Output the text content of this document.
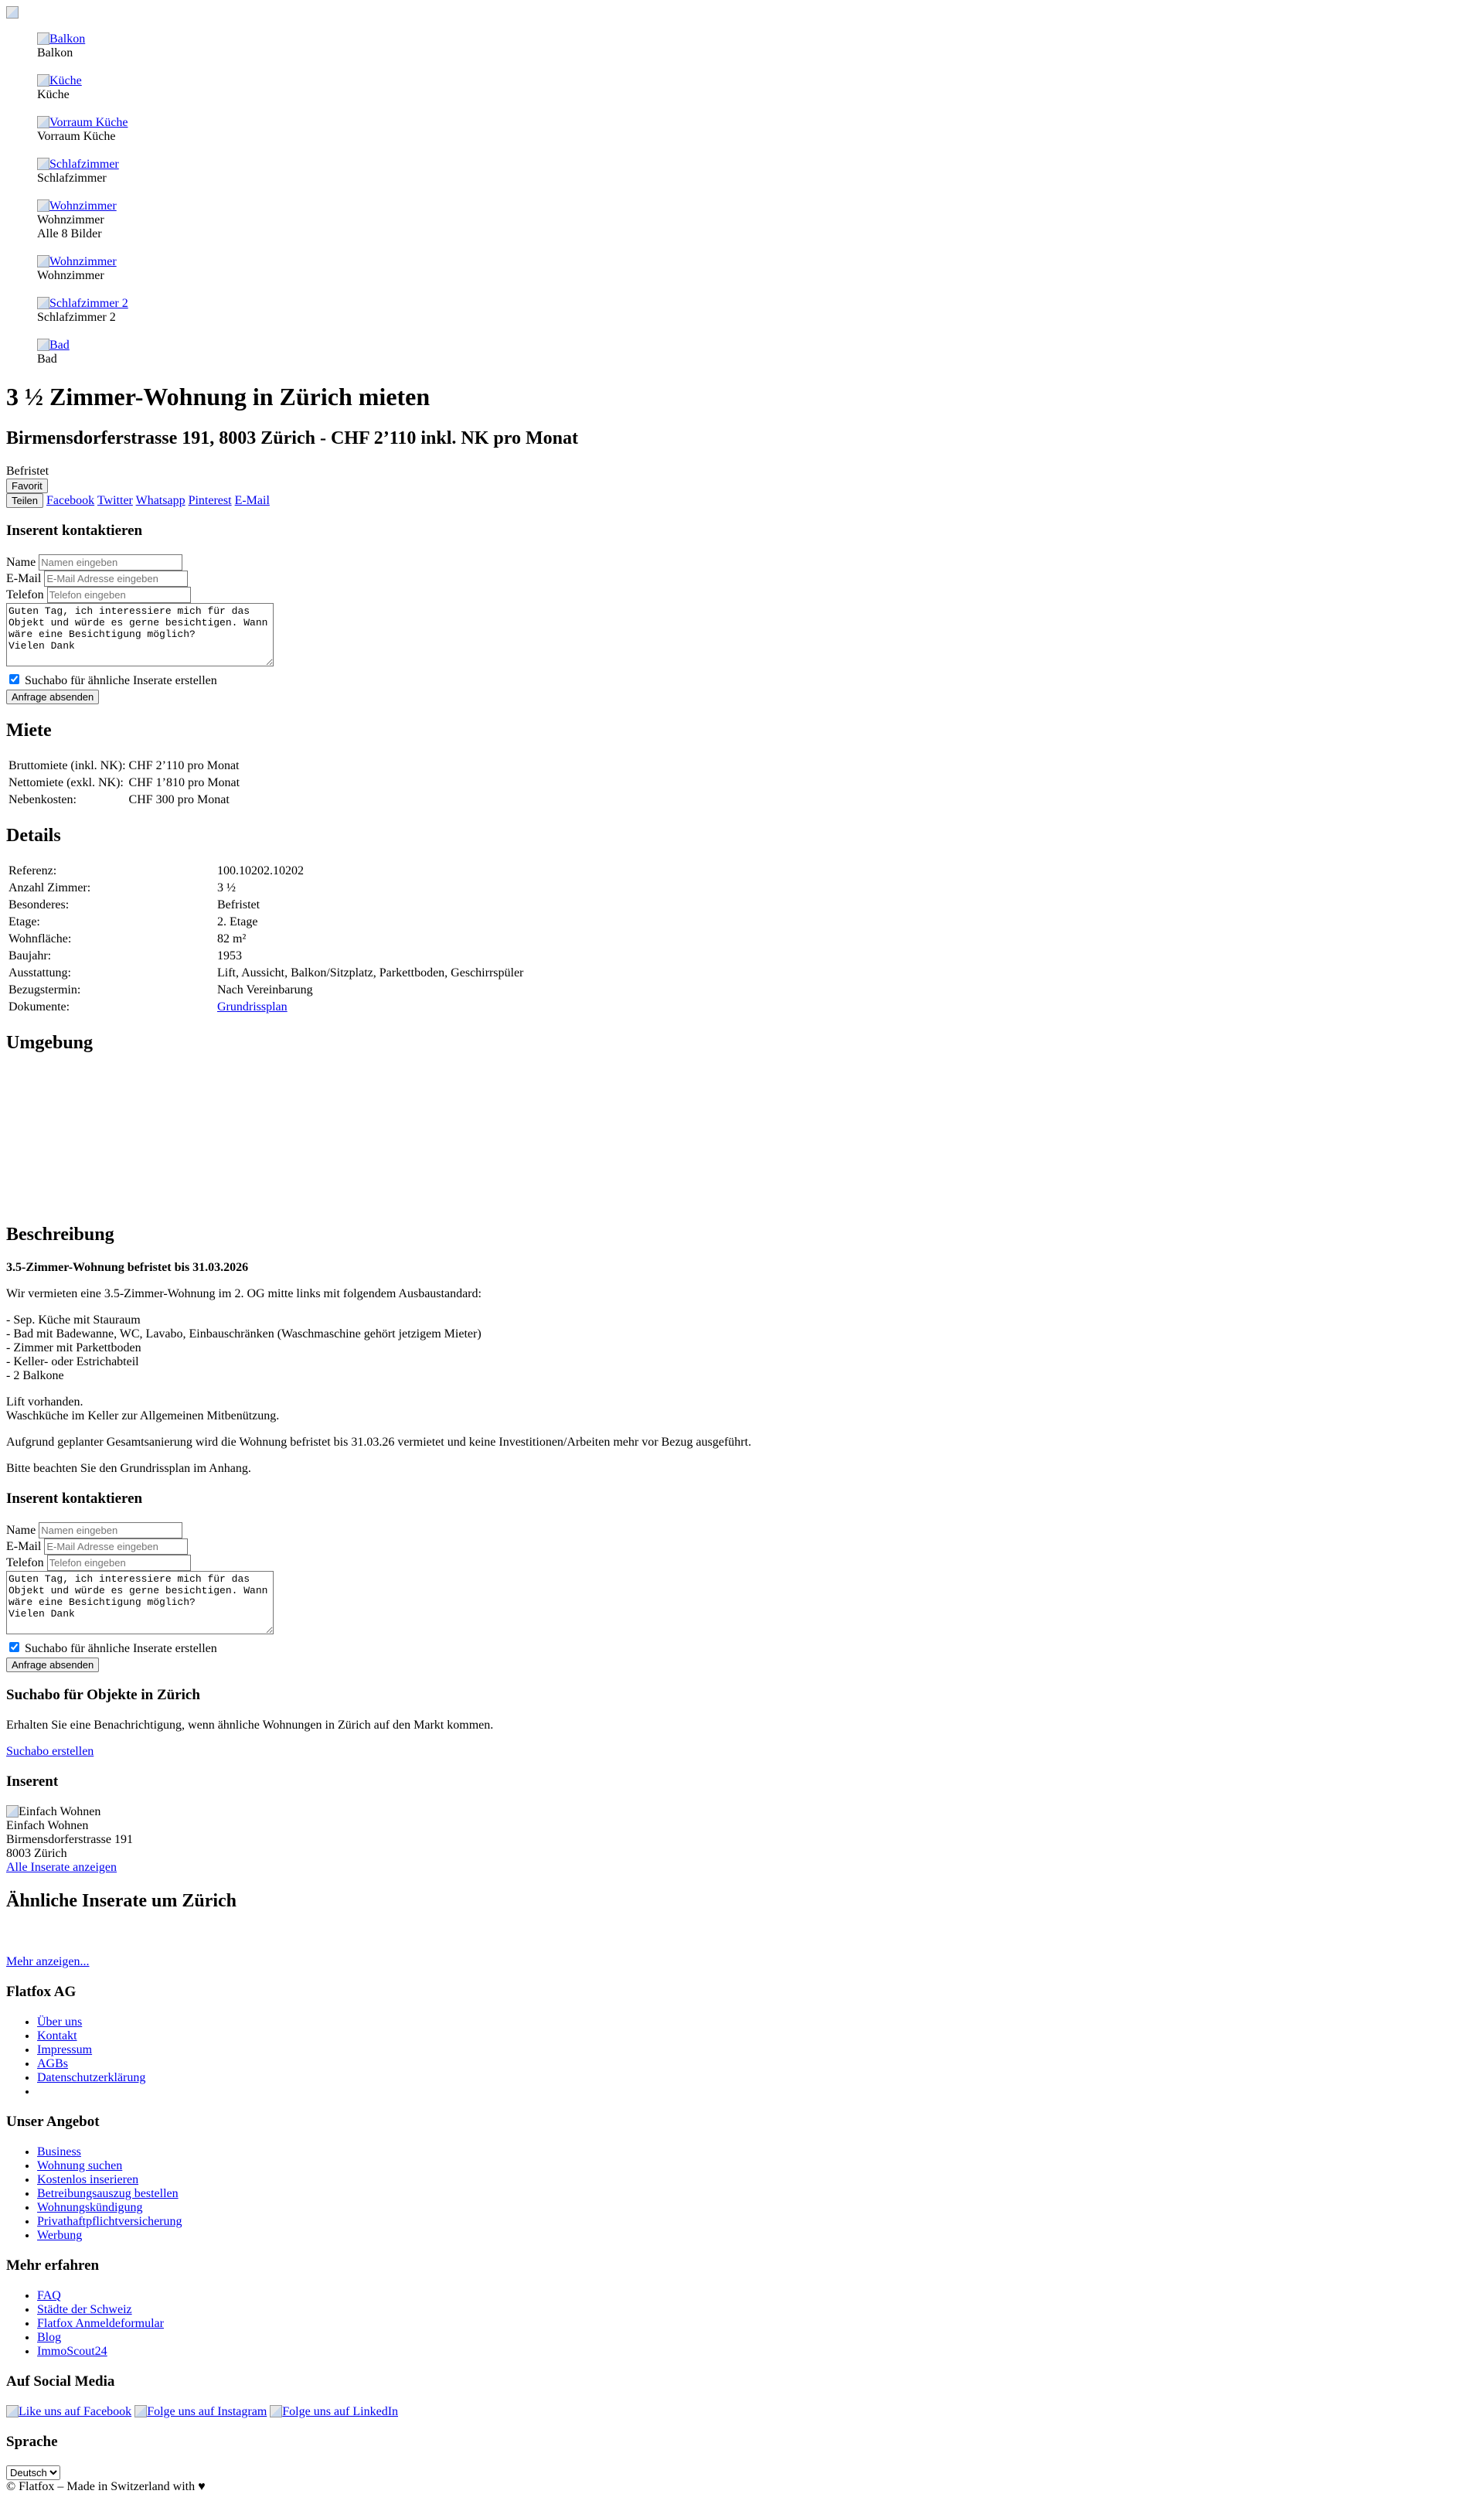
Balkon
Balkon
Küche
Küche
Vorraum Küche
Vorraum Küche
Schlafzimmer
Schlafzimmer
Wohnzimmer
Wohnzimmer
Alle 8 Bilder
Wohnzimmer
Wohnzimmer
Schlafzimmer 2
Schlafzimmer 2
Bad
Bad
3 ½ Zimmer-Wohnung in Zürich mieten
Birmensdorferstrasse 191, 8003 Zürich - CHF 2’110 inkl. NK pro Monat
Befristet
Favorit
Teilen Facebook Twitter Whatsapp Pinterest E-Mail
Inserent kontaktieren
Name Namen eingeben
E-Mail E-Mail Adresse eingeben
Telefon Telefon eingeben
Guten Tag, ich interessiere mich für das Objekt und würde es gerne besichtigen. Wann wäre eine Besichtigung möglich? Vielen Dank
Suchabo für ähnliche Inserate erstellen
Anfrage absenden
Miete
Bruttomiete (inkl. NK):	CHF 2’110 pro Monat
Nettomiete (exkl. NK):	CHF 1’810 pro Monat
Nebenkosten:	CHF 300 pro Monat
Details
Referenz:	100.10202.10202
Anzahl Zimmer:	3 ½
Besonderes:	Befristet
Etage:	2. Etage
Wohnfläche:	82 m²
Baujahr:	1953
Ausstattung:	Lift, Aussicht, Balkon/Sitzplatz, Parkettboden, Geschirrspüler
Bezugstermin:	Nach Vereinbarung
Dokumente:	Grundrissplan
Umgebung
Beschreibung

3.5-Zimmer-Wohnung befristet bis 31.03.2026

Wir vermieten eine 3.5-Zimmer-Wohnung im 2. OG mitte links mit folgendem Ausbaustandard:

- Sep. Küche mit Stauraum
- Bad mit Badewanne, WC, Lavabo, Einbauschränken (Waschmaschine gehört jetzigem Mieter)
- Zimmer mit Parkettboden
- Keller- oder Estrichabteil
- 2 Balkone

Lift vorhanden.
Waschküche im Keller zur Allgemeinen Mitbenützung.

Aufgrund geplanter Gesamtsanierung wird die Wohnung befristet bis 31.03.26 vermietet und keine Investitionen/Arbeiten mehr vor Bezug ausgeführt.

Bitte beachten Sie den Grundrissplan im Anhang.

Inserent kontaktieren
Name Namen eingeben
E-Mail E-Mail Adresse eingeben
Telefon Telefon eingeben
Guten Tag, ich interessiere mich für das Objekt und würde es gerne besichtigen. Wann wäre eine Besichtigung möglich? Vielen Dank
Suchabo für ähnliche Inserate erstellen
Anfrage absenden
Suchabo für Objekte in Zürich

Erhalten Sie eine Benachrichtigung, wenn ähnliche Wohnungen in Zürich auf den Markt kommen.

Suchabo erstellen

Inserent
Einfach Wohnen
Einfach Wohnen
Birmensdorferstrasse 191
8003 Zürich
Alle Inserate anzeigen
Ähnliche Inserate um Zürich
Mehr anzeigen...
Flatfox AG
• Über uns
• Kontakt
• Impressum
• AGBs
• Datenschutzerklärung
•
Unser Angebot
• Business
• Wohnung suchen
• Kostenlos inserieren
• Betreibungsauszug bestellen
• Wohnungskündigung
• Privathaftpflichtversicherung
• Werbung
Mehr erfahren
• FAQ
• Städte der Schweiz
• Flatfox Anmeldeformular
• Blog
• ImmoScout24
Auf Social Media
Like uns auf Facebook Folge uns auf Instagram Folge uns auf LinkedIn
Sprache
Deutsch
© Flatfox – Made in Switzerland with ♥
